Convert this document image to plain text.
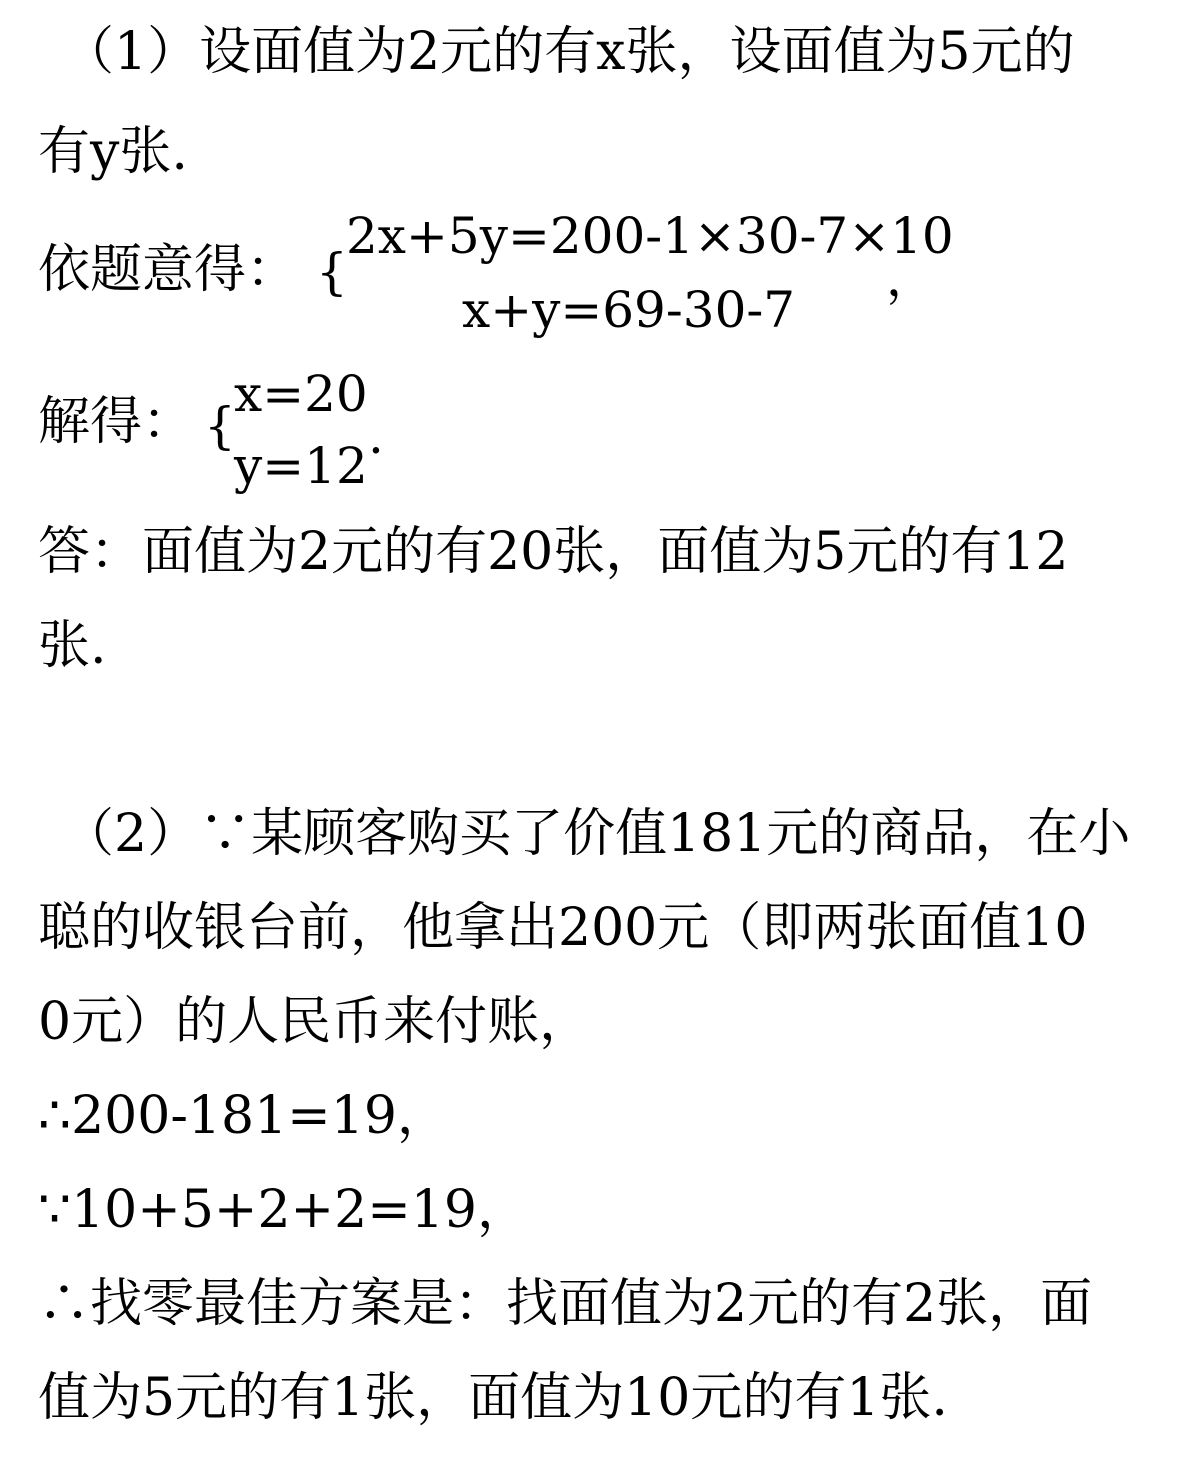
（1）设面值为2元的有x张，设面值为5元的
有y张.
依题意得： {
2x+5y=200-1×30-7×10
x+y=69-30-7
，
解得： {
x=20
y=12
.
答：面值为2元的有20张，面值为5元的有12
张.
（2）∵某顾客购买了价值181元的商品，在小
聪的收银台前，他拿出200元（即两张面值10
0元）的人民币来付账，
∴200-181=19，
∵10+5+2+2=19，
∴找零最佳方案是：找面值为2元的有2张，面
值为5元的有1张，面值为10元的有1张.
